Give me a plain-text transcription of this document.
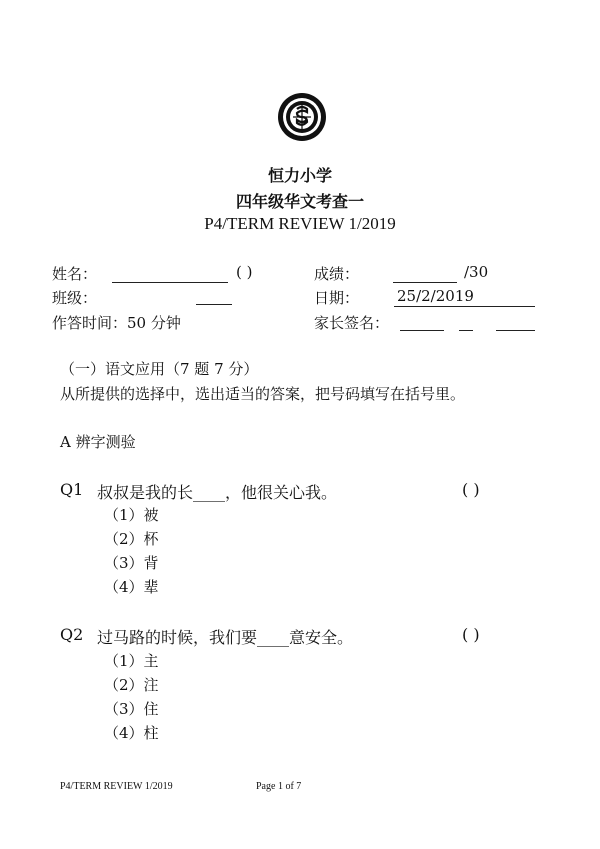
恒力小学
四年级华文考查一
P4/TERM REVIEW 1/2019
姓名：	( )	成绩：	/30
班级：	日期：	25/2/2019
作答时间：50 分钟	家长签名：
（一）语文应用（7 题 7 分）
从所提供的选择中，选出适当的答案，把号码填写在括号里。
A 辨字测验
Q1 叔叔是我的长____，他很关心我。	( )
（1）被
（2）杯
（3）背
（4）辈
Q2 过马路的时候，我们要____意安全。	( )
（1）主
（2）注
（3）住
（4）柱
P4/TERM REVIEW 1/2019	Page 1 of 7
